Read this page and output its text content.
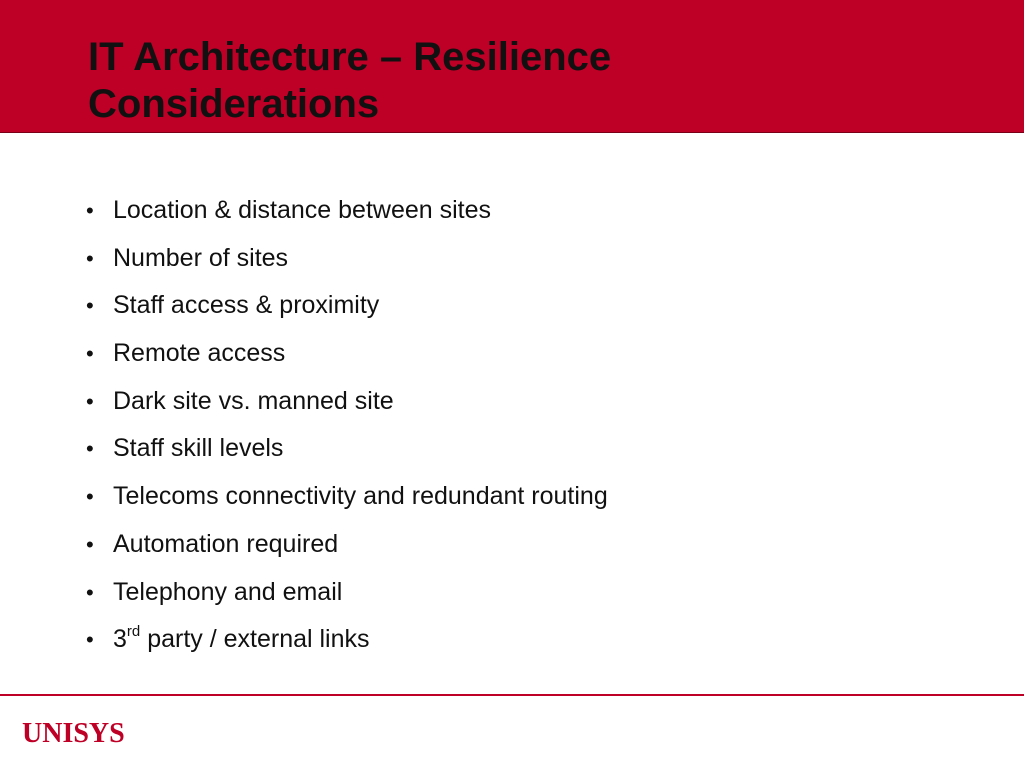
IT Architecture – Resilience
Considerations
• Location & distance between sites
• Number of sites
• Staff access & proximity
• Remote access
• Dark site vs. manned site
• Staff skill levels
• Telecoms connectivity and redundant routing
• Automation required
• Telephony and email
• 3rd party / external links
UNISYS
